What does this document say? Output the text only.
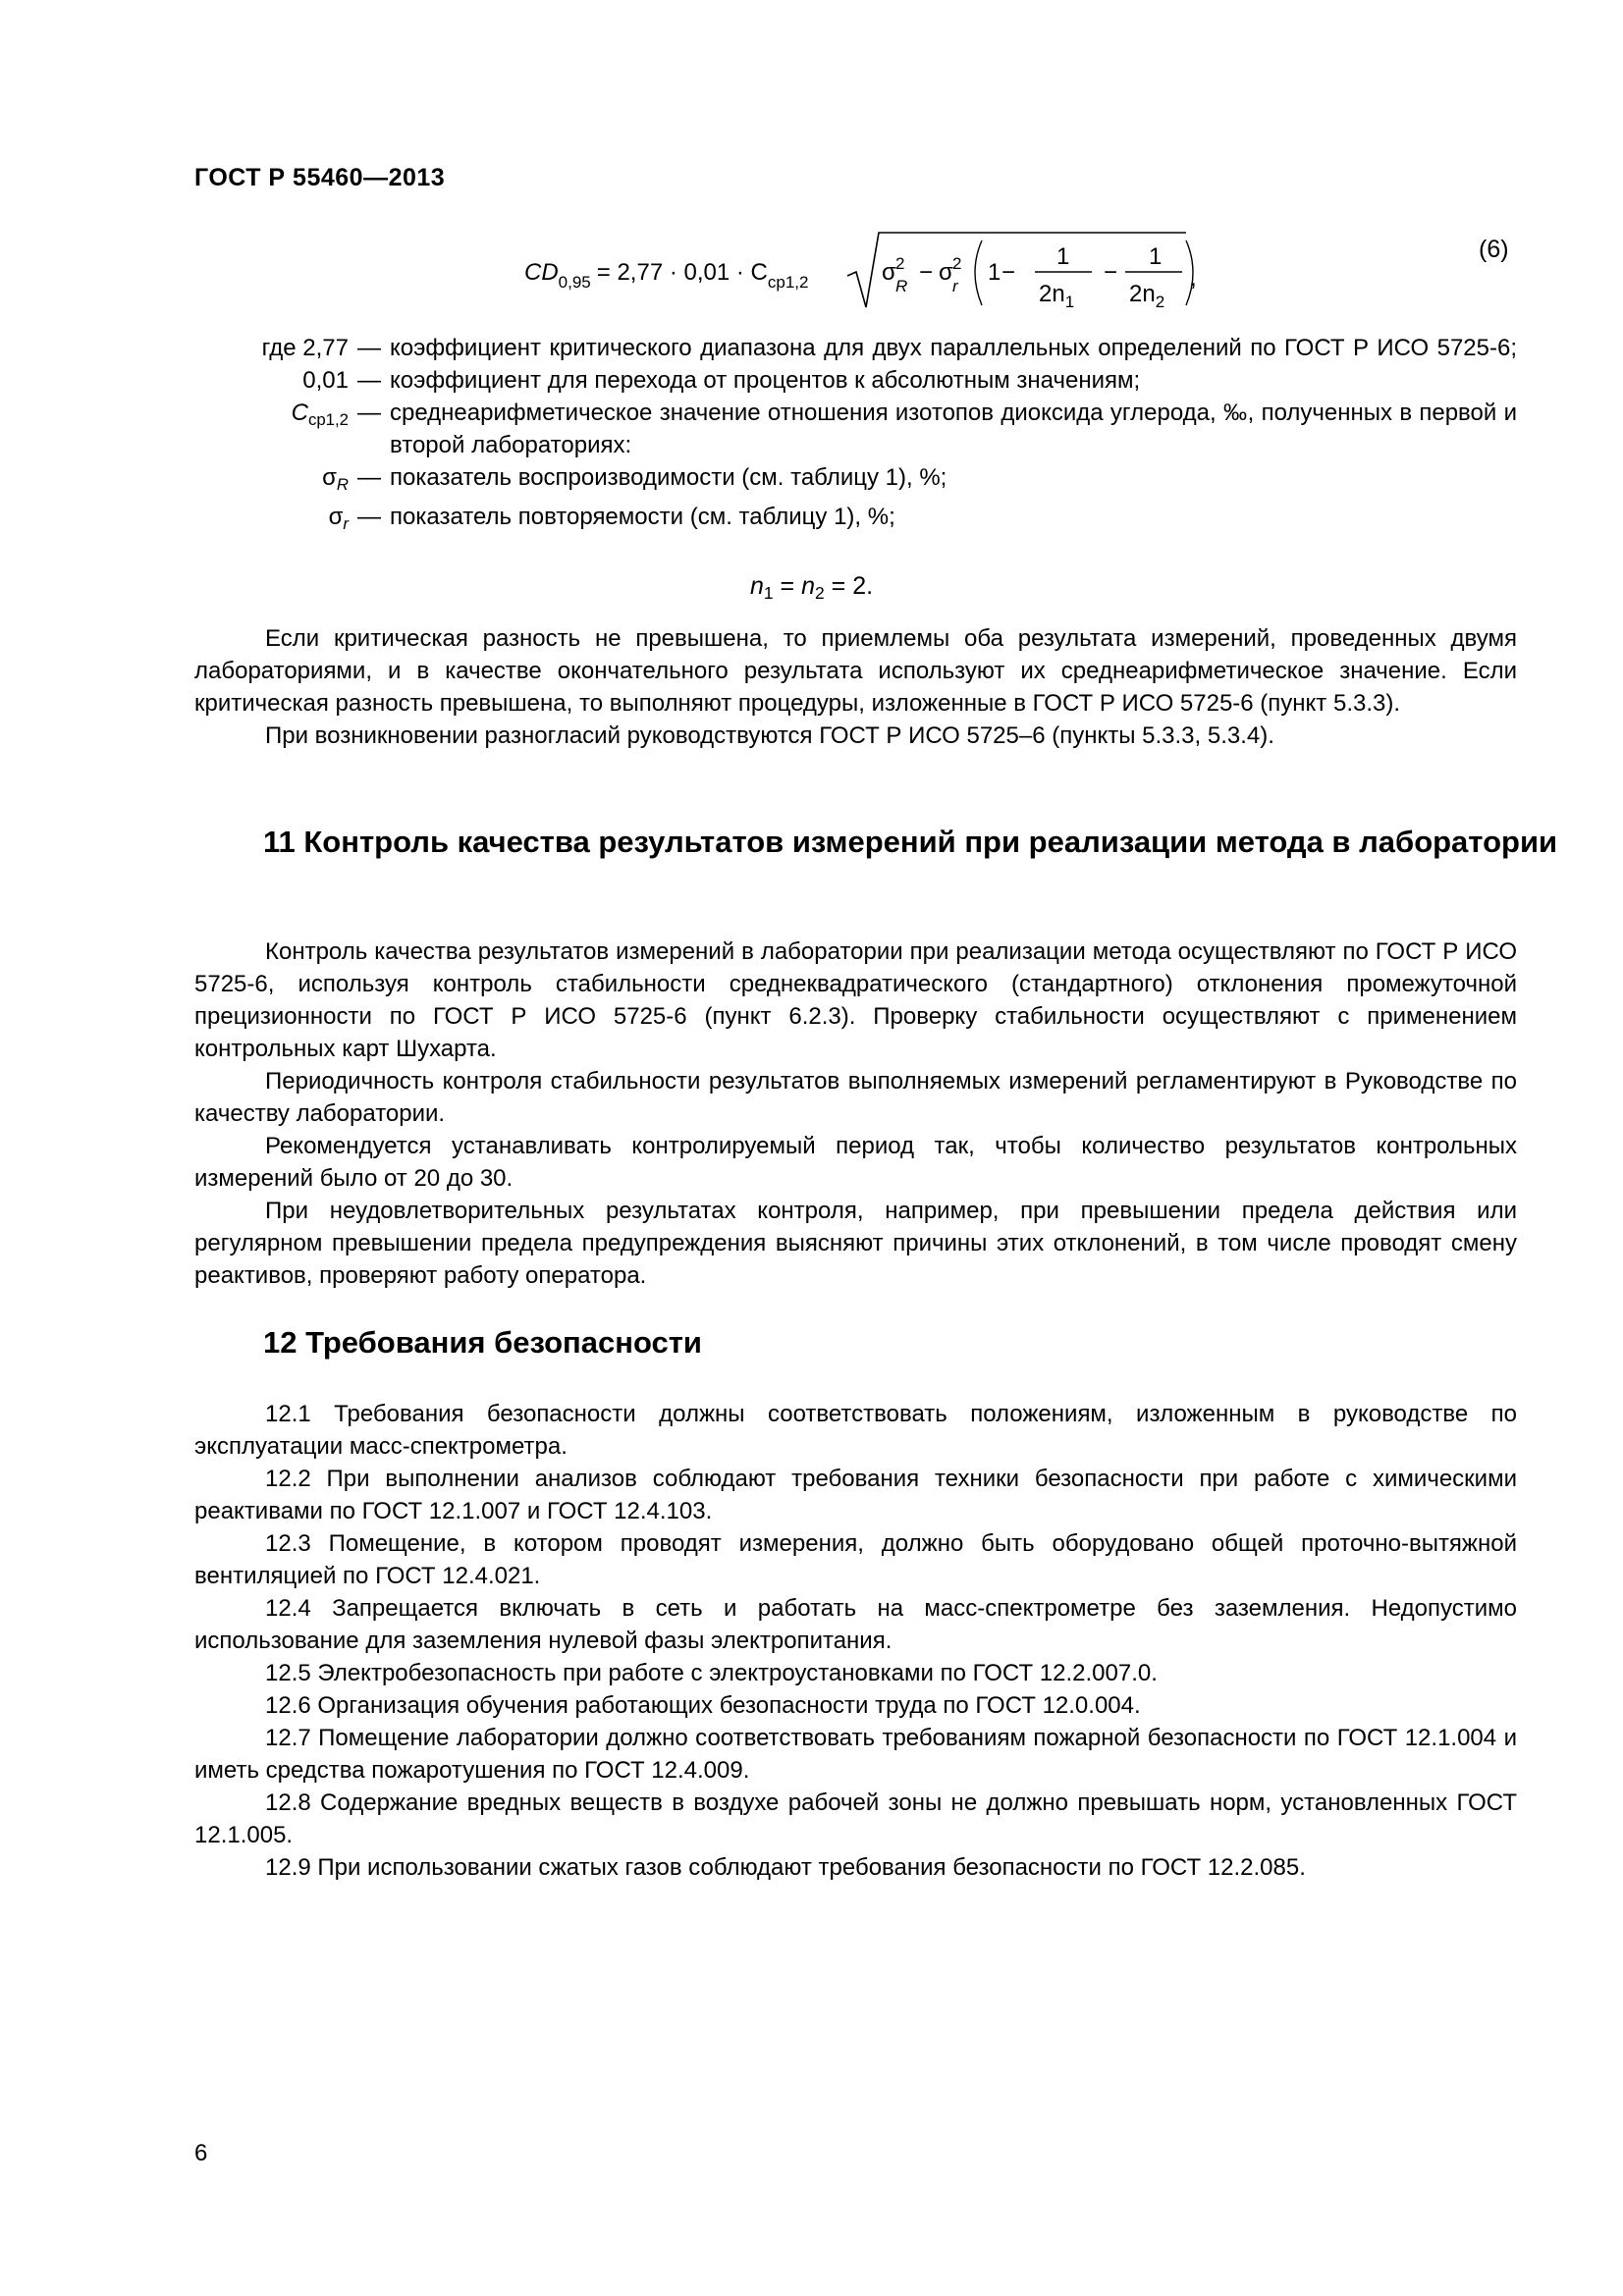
ГОСТ Р 55460—2013
$CD_{0,95} = 2,77 \cdot 0,01 \cdot C_{ср1,2}$	σ 2
R
− σ 2
r
1 −
1
$2n_1$
−
1
$2n_2$
,
(6)
где 2,77 — коэффициент критического диапазона для двух параллельных определений по ГОСТ Р ИСО 5725-6;
0,01 — коэффициент для перехода от процентов к абсолютным значениям;
$C_{ср1,2}$ — среднеарифметическое значение отношения изотопов диоксида углерода, ‰, полученных в первой и второй лабораториях:
$\sigma_R$ — показатель воспроизводимости (см. таблицу 1), %;
$\sigma_r$ — показатель повторяемости (см. таблицу 1), %;
$n_1 = n_2 = 2$.

Если критическая разность не превышена, то приемлемы оба результата измерений, проведенных двумя лабораториями, и в качестве окончательного результата используют их среднеарифметическое значение. Если критическая разность превышена, то выполняют процедуры, изложенные в ГОСТ Р ИСО 5725-6 (пункт 5.3.3).

При возникновении разногласий руководствуются ГОСТ Р ИСО 5725–6 (пункты 5.3.3, 5.3.4).

11 Контроль качества результатов измерений при реализации метода в лаборатории

Контроль качества результатов измерений в лаборатории при реализации метода осуществляют по ГОСТ Р ИСО 5725-6, используя контроль стабильности среднеквадратического (стандартного) отклонения промежуточной прецизионности по ГОСТ Р ИСО 5725-6 (пункт 6.2.3). Проверку стабильности осуществляют с применением контрольных карт Шухарта.

Периодичность контроля стабильности результатов выполняемых измерений регламентируют в Руководстве по качеству лаборатории.

Рекомендуется устанавливать контролируемый период так, чтобы количество результатов контрольных измерений было от 20 до 30.

При неудовлетворительных результатах контроля, например, при превышении предела действия или регулярном превышении предела предупреждения выясняют причины этих отклонений, в том числе проводят смену реактивов, проверяют работу оператора.

12 Требования безопасности

12.1 Требования безопасности должны соответствовать положениям, изложенным в руководстве по эксплуатации масс-спектрометра.

12.2 При выполнении анализов соблюдают требования техники безопасности при работе с химическими реактивами по ГОСТ 12.1.007 и ГОСТ 12.4.103.

12.3 Помещение, в котором проводят измерения, должно быть оборудовано общей проточно-вытяжной вентиляцией по ГОСТ 12.4.021.

12.4 Запрещается включать в сеть и работать на масс-спектрометре без заземления. Недопустимо использование для заземления нулевой фазы электропитания.

12.5 Электробезопасность при работе с электроустановками по ГОСТ 12.2.007.0.

12.6 Организация обучения работающих безопасности труда по ГОСТ 12.0.004.

12.7 Помещение лаборатории должно соответствовать требованиям пожарной безопасности по ГОСТ 12.1.004 и иметь средства пожаротушения по ГОСТ 12.4.009.

12.8 Содержание вредных веществ в воздухе рабочей зоны не должно превышать норм, установленных ГОСТ 12.1.005.

12.9 При использовании сжатых газов соблюдают требования безопасности по ГОСТ 12.2.085.

6
